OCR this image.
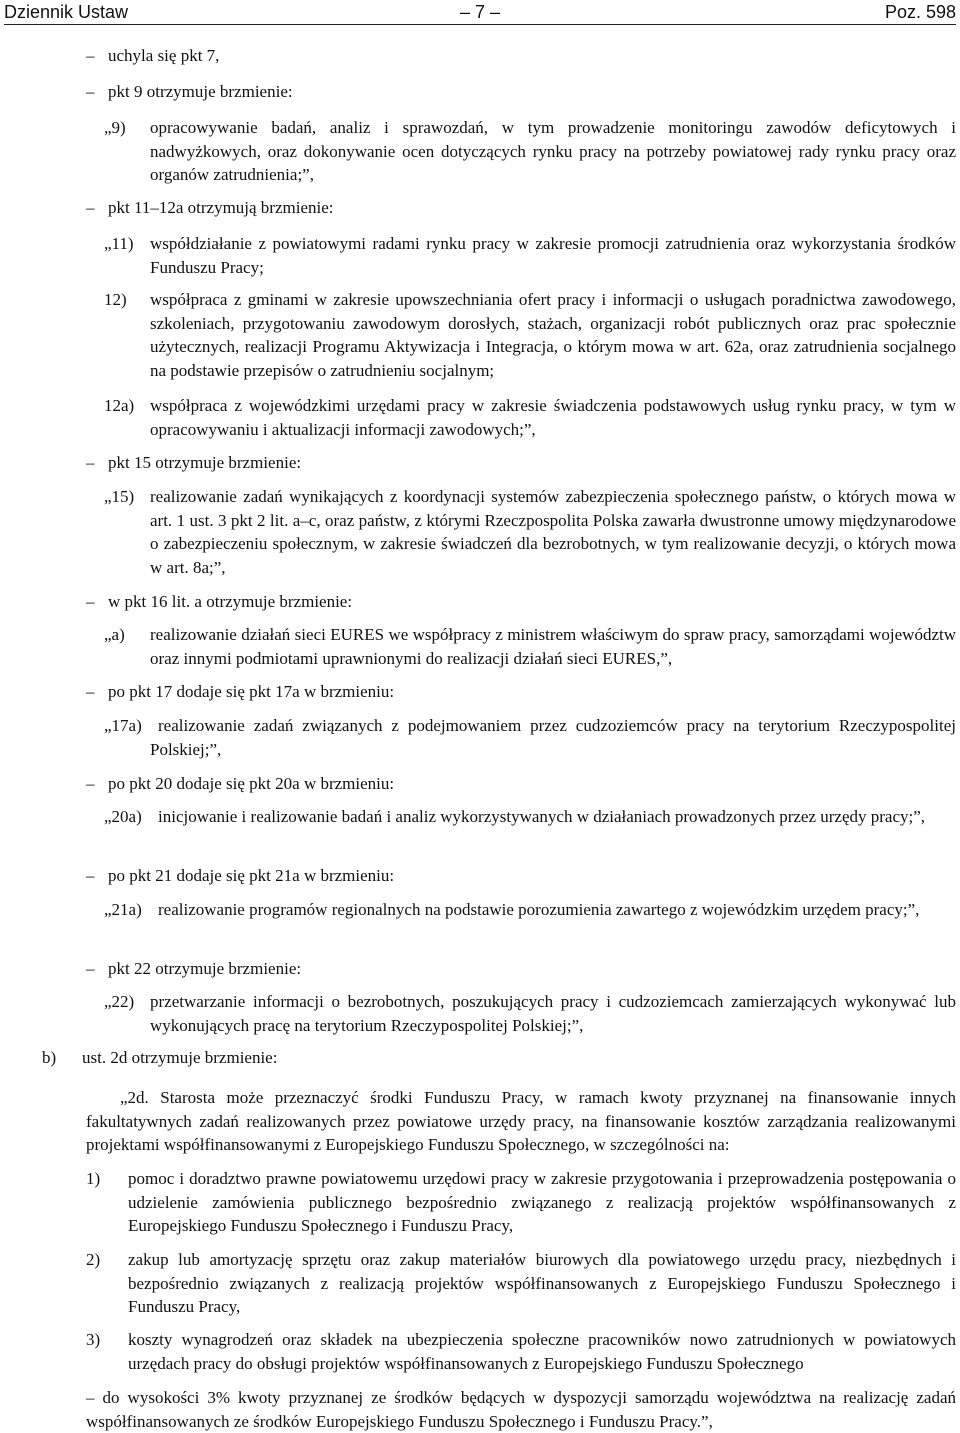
Dziennik Ustaw	– 7 –	Poz. 598
– uchyla się pkt 7,
– pkt 9 otrzymuje brzmienie:
„9) opracowywanie badań, analiz i sprawozdań, w tym prowadzenie monitoringu zawodów deficytowych i nadwyżkowych, oraz dokonywanie ocen dotyczących rynku pracy na potrzeby powiatowej rady rynku pracy oraz organów zatrudnienia;”,
– pkt 11–12a otrzymują brzmienie:
„11) współdziałanie z powiatowymi radami rynku pracy w zakresie promocji zatrudnienia oraz wykorzystania środków Funduszu Pracy;
12) współpraca z gminami w zakresie upowszechniania ofert pracy i informacji o usługach poradnictwa zawodowego, szkoleniach, przygotowaniu zawodowym dorosłych, stażach, organizacji robót publicznych oraz prac społecznie użytecznych, realizacji Programu Aktywizacja i Integracja, o którym mowa w art. 62a, oraz zatrudnienia socjalnego na podstawie przepisów o zatrudnieniu socjalnym;
12a) współpraca z wojewódzkimi urzędami pracy w zakresie świadczenia podstawowych usług rynku pracy, w tym w opracowywaniu i aktualizacji informacji zawodowych;”,
– pkt 15 otrzymuje brzmienie:
„15) realizowanie zadań wynikających z koordynacji systemów zabezpieczenia społecznego państw, o których mowa w art. 1 ust. 3 pkt 2 lit. a–c, oraz państw, z którymi Rzeczpospolita Polska zawarła dwustronne umowy międzynarodowe o zabezpieczeniu społecznym, w zakresie świadczeń dla bezrobotnych, w tym realizowanie decyzji, o których mowa w art. 8a;”,
– w pkt 16 lit. a otrzymuje brzmienie:
„a) realizowanie działań sieci EURES we współpracy z ministrem właściwym do spraw pracy, samorządami województw oraz innymi podmiotami uprawnionymi do realizacji działań sieci EURES,”,
– po pkt 17 dodaje się pkt 17a w brzmieniu:
„17a) realizowanie zadań związanych z podejmowaniem przez cudzoziemców pracy na terytorium Rzeczypospolitej Polskiej;”,
– po pkt 20 dodaje się pkt 20a w brzmieniu:
„20a) inicjowanie i realizowanie badań i analiz wykorzystywanych w działaniach prowadzonych przez urzędy pracy;”,
– po pkt 21 dodaje się pkt 21a w brzmieniu:
„21a) realizowanie programów regionalnych na podstawie porozumienia zawartego z wojewódzkim urzędem pracy;”,
– pkt 22 otrzymuje brzmienie:
„22) przetwarzanie informacji o bezrobotnych, poszukujących pracy i cudzoziemcach zamierzających wykonywać lub wykonujących pracę na terytorium Rzeczypospolitej Polskiej;”,
b) ust. 2d otrzymuje brzmienie:
„2d. Starosta może przeznaczyć środki Funduszu Pracy, w ramach kwoty przyznanej na finansowanie innych fakultatywnych zadań realizowanych przez powiatowe urzędy pracy, na finansowanie kosztów zarządzania realizowanymi projektami współfinansowanymi z Europejskiego Funduszu Społecznego, w szczególności na:
1) pomoc i doradztwo prawne powiatowemu urzędowi pracy w zakresie przygotowania i przeprowadzenia postępowania o udzielenie zamówienia publicznego bezpośrednio związanego z realizacją projektów współfinansowanych z Europejskiego Funduszu Społecznego i Funduszu Pracy,
2) zakup lub amortyzację sprzętu oraz zakup materiałów biurowych dla powiatowego urzędu pracy, niezbędnych i bezpośrednio związanych z realizacją projektów współfinansowanych z Europejskiego Funduszu Społecznego i Funduszu Pracy,
3) koszty wynagrodzeń oraz składek na ubezpieczenia społeczne pracowników nowo zatrudnionych w powiatowych urzędach pracy do obsługi projektów współfinansowanych z Europejskiego Funduszu Społecznego
– do wysokości 3% kwoty przyznanej ze środków będących w dyspozycji samorządu województwa na realizację zadań współfinansowanych ze środków Europejskiego Funduszu Społecznego i Funduszu Pracy.”,
